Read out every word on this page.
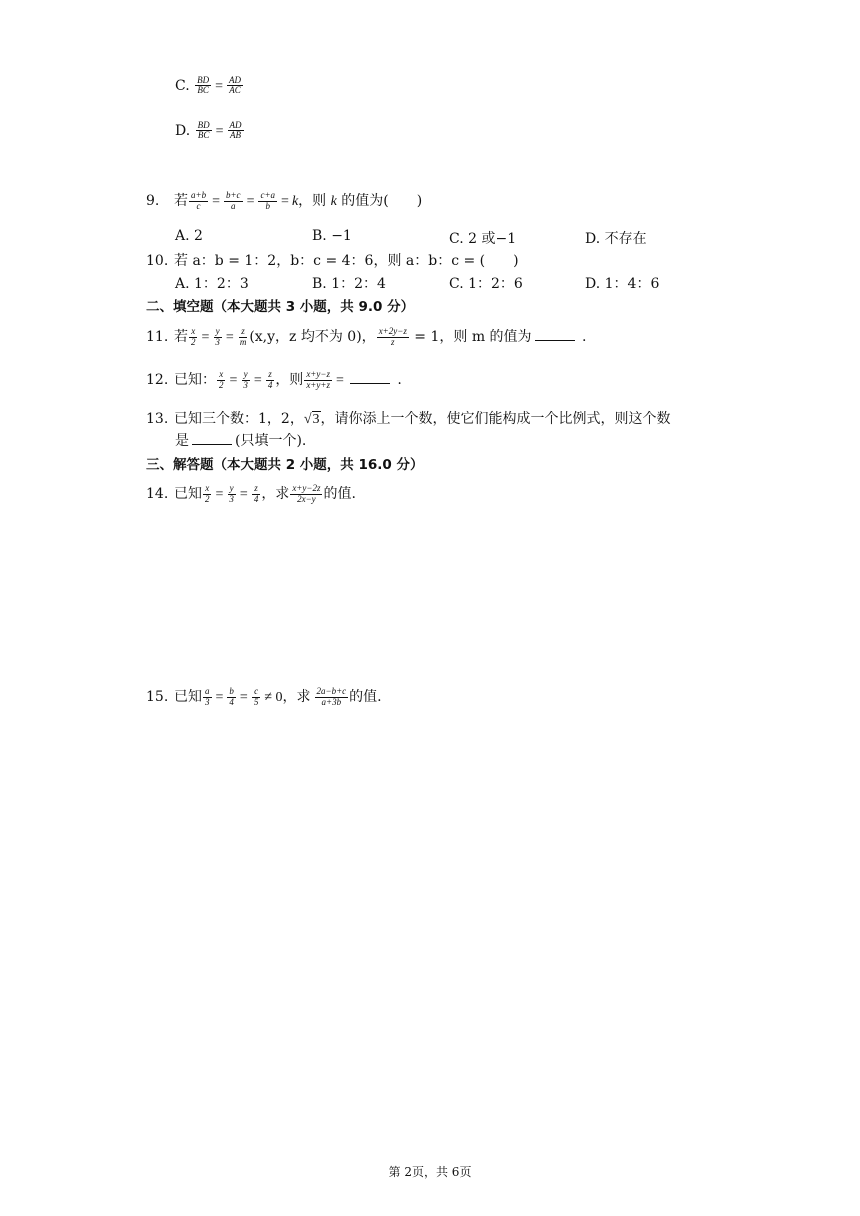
C. $\frac{BD}{BC} = \frac{AD}{AC}$
D. $\frac{BD}{BC} = \frac{AD}{AB}$
9. 若 $\frac{a+b}{c} = \frac{b+c}{a} = \frac{c+a}{b} = k$，则 k 的值为(　　)
A. 2	B. −1	C. 2 或−1	D. 不存在
10. 若 a：b = 1：2，b：c = 4：6，则 a：b：c = (　　)
A. 1：2：3	B. 1：2：4	C. 1：2：6	D. 1：4：6
二、填空题（本大题共 3 小题，共 9.0 分）
11. 若 $\frac{x}{2} = \frac{y}{3} = \frac{z}{m} (x,y$，z 均不为 0)， $\frac{x+2y-z}{z} = 1$，则 m 的值为	.
12. 已知： $\frac{x}{2} = \frac{y}{3} = \frac{z}{4}$ ，则 $\frac{x+y-z}{x+y+z}$ =	.
13. 已知三个数：1，2，√3，请你添上一个数，使它们能构成一个比例式，则这个数
是	(只填一个).
三、解答题（本大题共 2 小题，共 16.0 分）
14. 已知 $\frac{x}{2} = \frac{y}{3} = \frac{z}{4}$ ，求 $\frac{x+y-2z}{2x-y}$ 的值.
15. 已知 $\frac{a}{3} = \frac{b}{4} = \frac{c}{5} \ne 0$，求 $\frac{2a-b+c}{a+3b}$ 的值.
第 2页，共 6页
